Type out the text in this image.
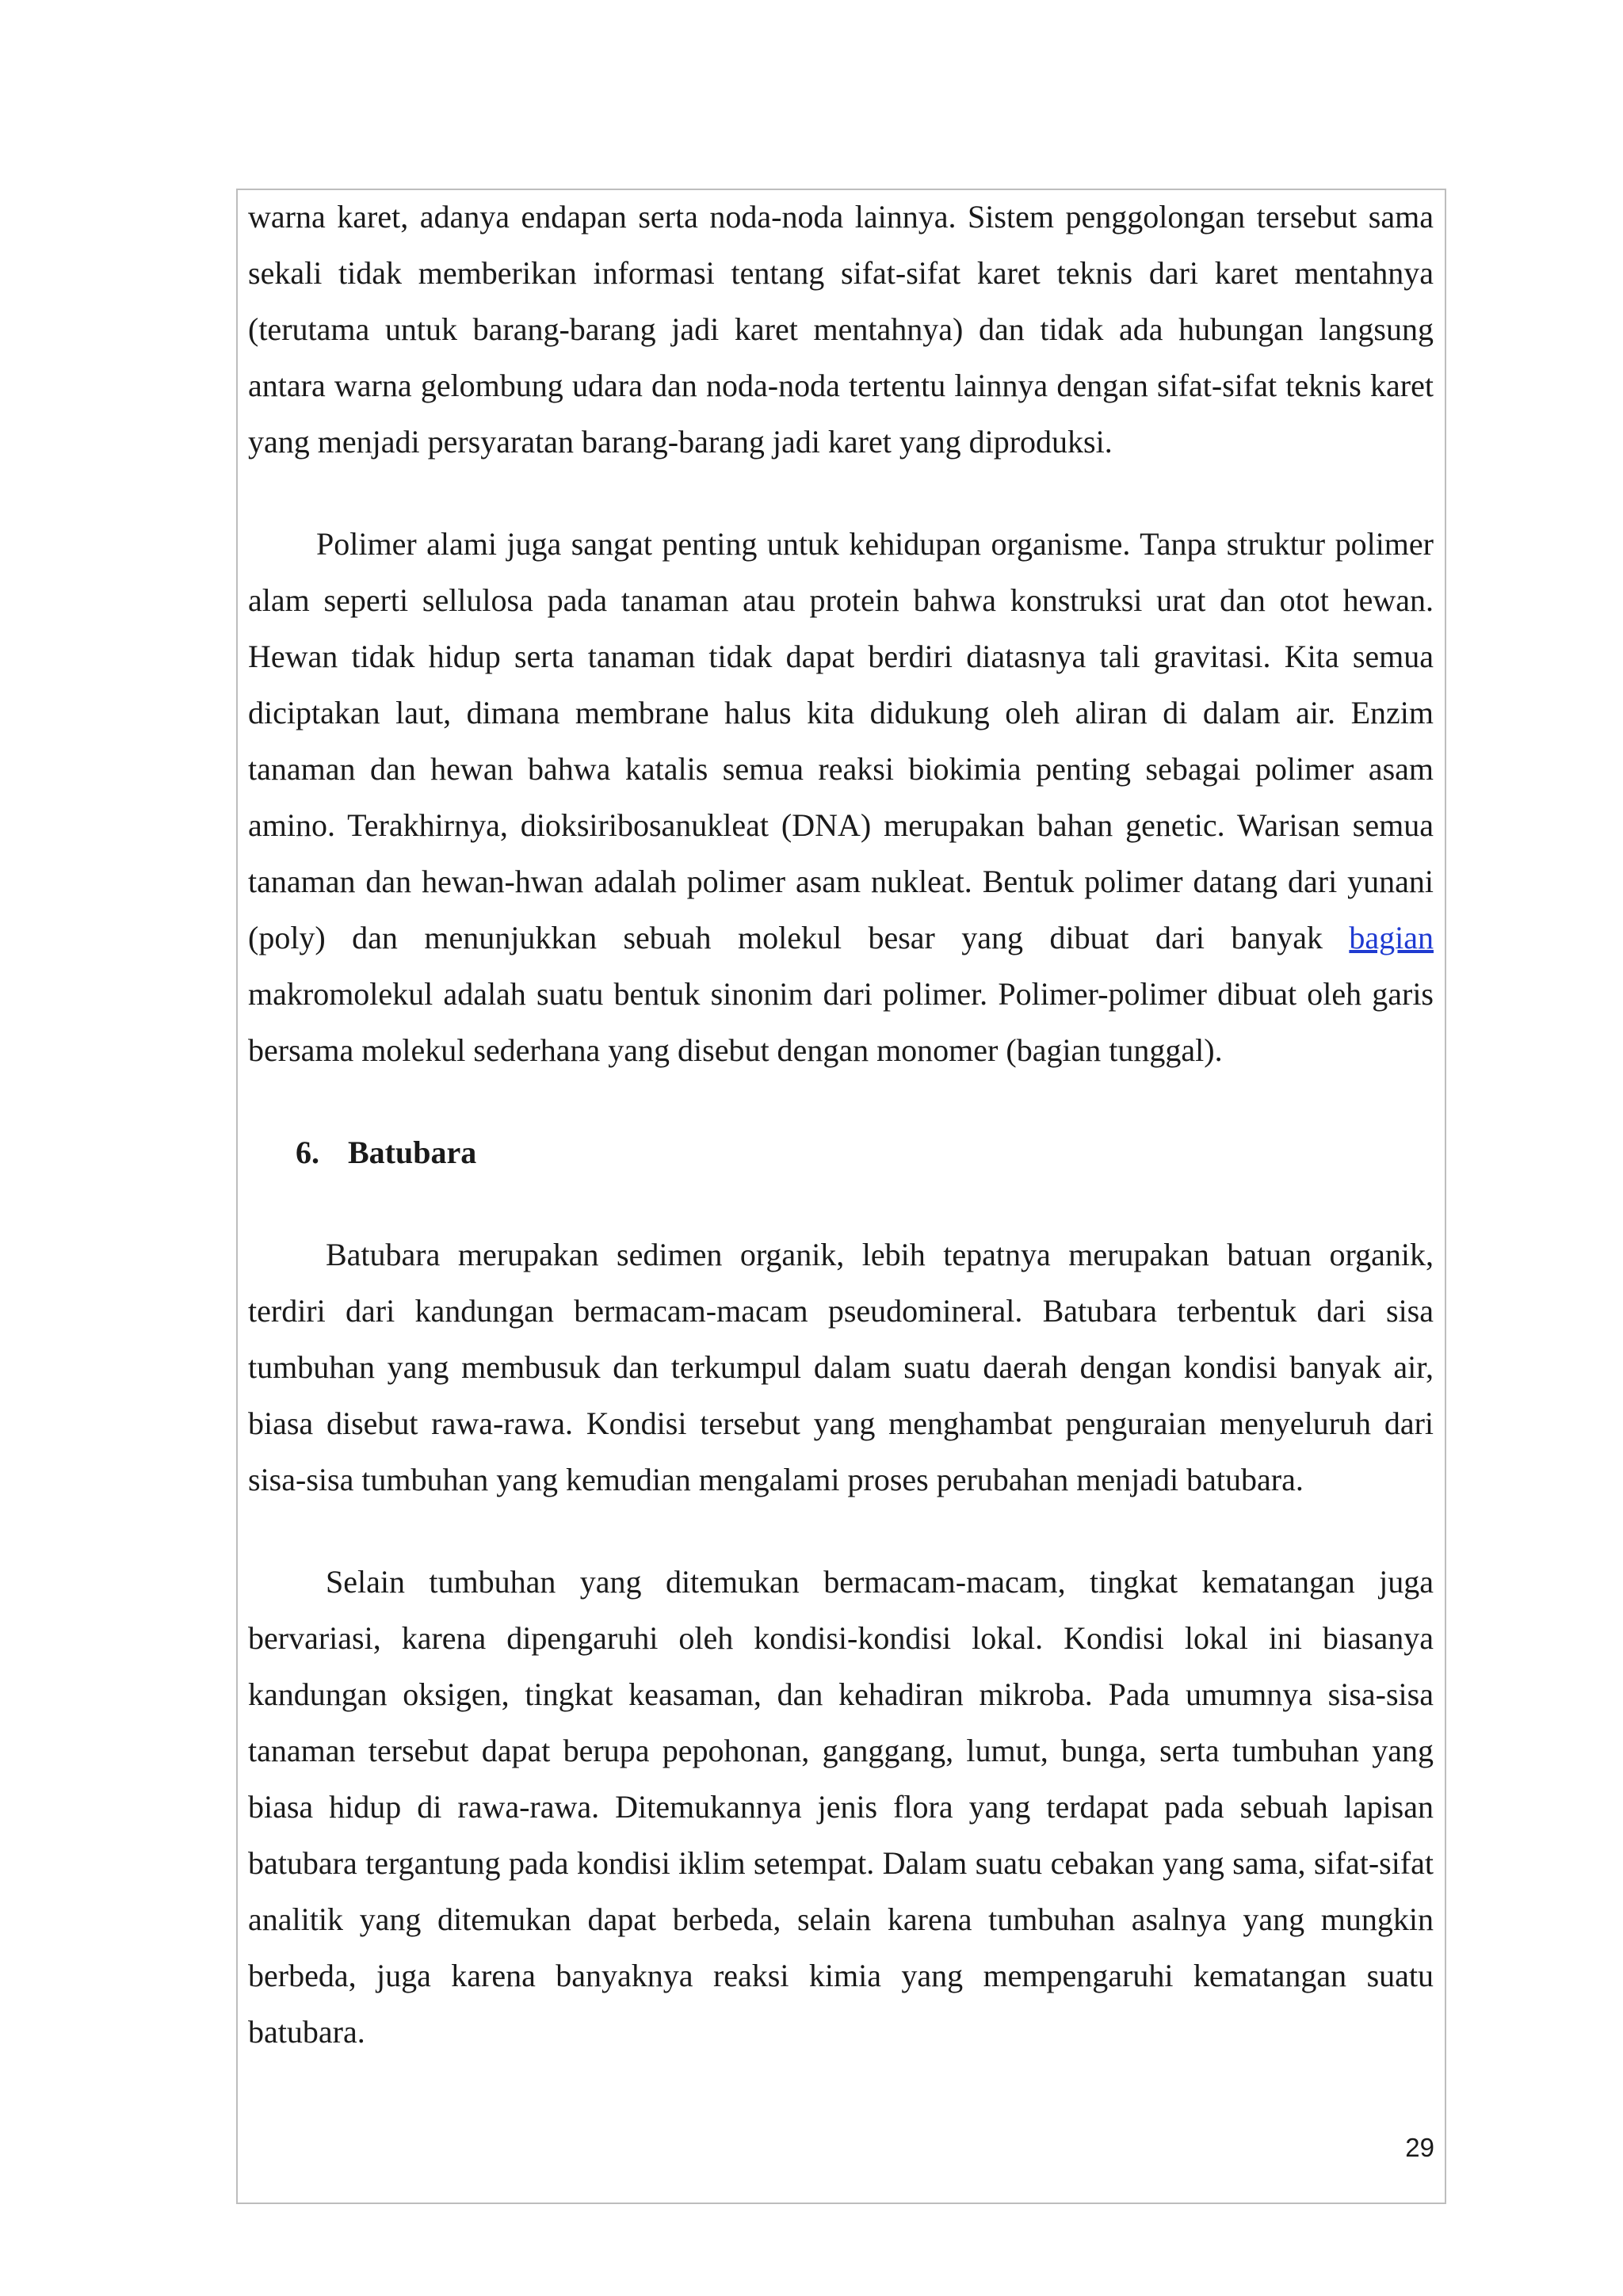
warna karet, adanya endapan serta noda-noda lainnya. Sistem penggolongan tersebut sama sekali tidak memberikan informasi tentang sifat-sifat karet teknis dari karet mentahnya (terutama untuk barang-barang jadi karet mentahnya) dan tidak ada hubungan langsung antara warna gelombung udara dan noda-noda tertentu lainnya dengan sifat-sifat teknis karet yang menjadi persyaratan barang-barang jadi karet yang diproduksi.

Polimer alami juga sangat penting untuk kehidupan organisme. Tanpa struktur polimer alam seperti sellulosa pada tanaman atau protein bahwa konstruksi urat dan otot hewan. Hewan tidak hidup serta tanaman tidak dapat berdiri diatasnya tali gravitasi. Kita semua diciptakan laut, dimana membrane halus kita didukung oleh aliran di dalam air. Enzim tanaman dan hewan bahwa katalis semua reaksi biokimia penting sebagai polimer asam amino. Terakhirnya, dioksiribosanukleat (DNA) merupakan bahan genetic. Warisan semua tanaman dan hewan-hwan adalah polimer asam nukleat. Bentuk polimer datang dari yunani (poly) dan menunjukkan sebuah molekul besar yang dibuat dari banyak bagian makromolekul adalah suatu bentuk sinonim dari polimer. Polimer-polimer dibuat oleh garis bersama molekul sederhana yang disebut dengan monomer (bagian tunggal).

6. Batubara

Batubara merupakan sedimen organik, lebih tepatnya merupakan batuan organik, terdiri dari kandungan bermacam-macam pseudomineral. Batubara terbentuk dari sisa tumbuhan yang membusuk dan terkumpul dalam suatu daerah dengan kondisi banyak air, biasa disebut rawa-rawa. Kondisi tersebut yang menghambat penguraian menyeluruh dari sisa-sisa tumbuhan yang kemudian mengalami proses perubahan menjadi batubara.

Selain tumbuhan yang ditemukan bermacam-macam, tingkat kematangan juga bervariasi, karena dipengaruhi oleh kondisi-kondisi lokal. Kondisi lokal ini biasanya kandungan oksigen, tingkat keasaman, dan kehadiran mikroba. Pada umumnya sisa-sisa tanaman tersebut dapat berupa pepohonan, ganggang, lumut, bunga, serta tumbuhan yang biasa hidup di rawa-rawa. Ditemukannya jenis flora yang terdapat pada sebuah lapisan batubara tergantung pada kondisi iklim setempat. Dalam suatu cebakan yang sama, sifat-sifat analitik yang ditemukan dapat berbeda, selain karena tumbuhan asalnya yang mungkin berbeda, juga karena banyaknya reaksi kimia yang mempengaruhi kematangan suatu batubara.

29
